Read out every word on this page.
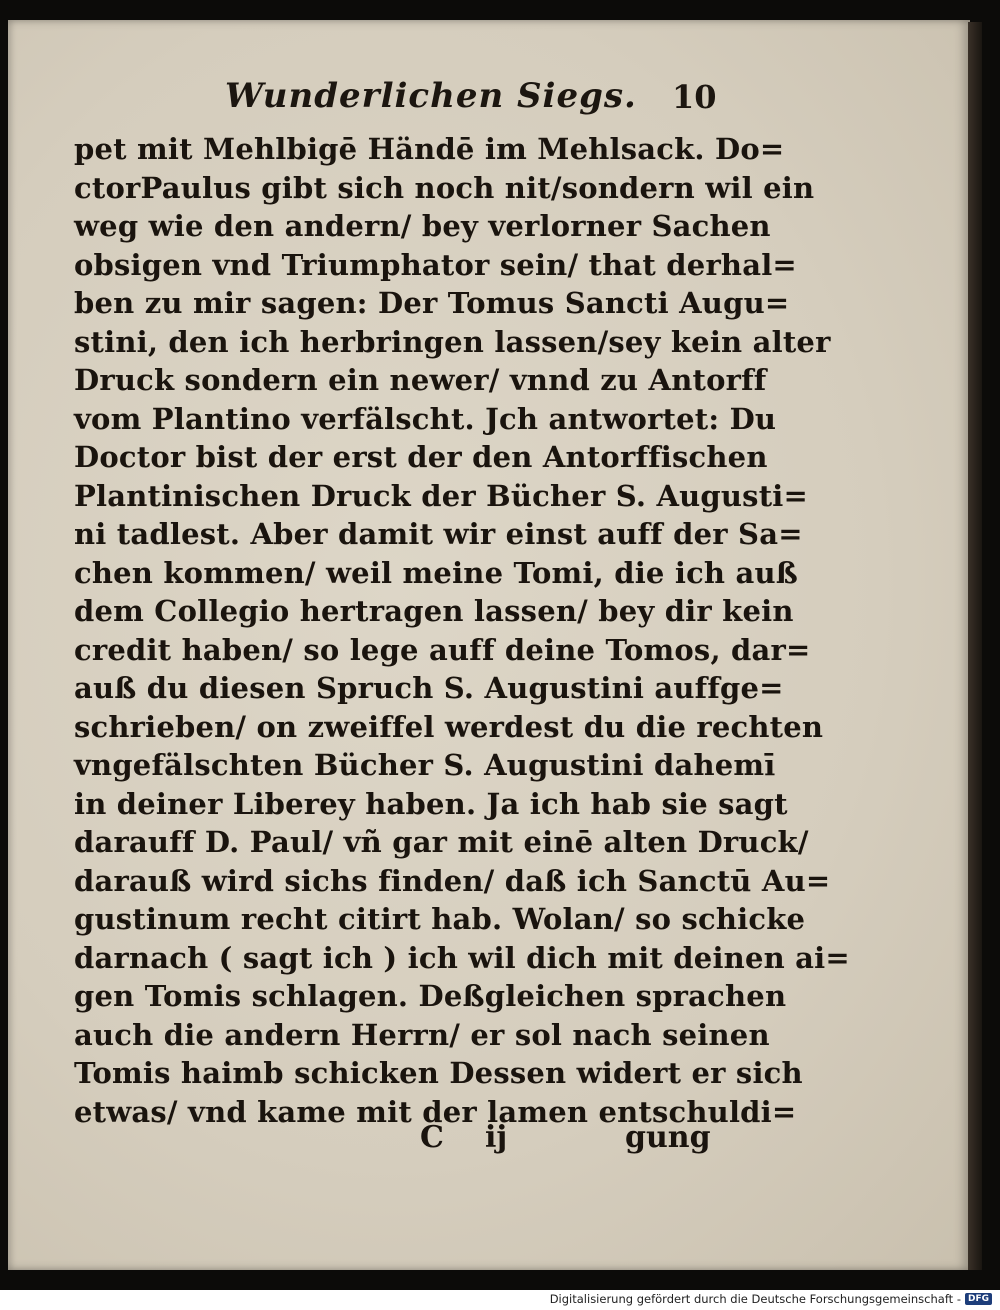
Wunderlichen Siegs. 10
pet mit Mehlbigē Händē im Mehlsack. Do=
ctorPaulus gibt sich noch nit/sondern wil ein
weg wie den andern/ bey verlorner Sachen
obsigen vnd Triumphator sein/ that derhal=
ben zu mir sagen: Der Tomus Sancti Augu=
stini, den ich herbringen lassen/sey kein alter
Druck sondern ein newer/ vnnd zu Antorff
vom Plantino verfälscht. Jch antwortet: Du
Doctor bist der erst der den Antorffischen
Plantinischen Druck der Bücher S. Augusti=
ni tadlest. Aber damit wir einst auff der Sa=
chen kommen/ weil meine Tomi, die ich auß
dem Collegio hertragen lassen/ bey dir kein
credit haben/ so lege auff deine Tomos, dar=
auß du diesen Spruch S. Augustini auffge=
schrieben/ on zweiffel werdest du die rechten
vngefälschten Bücher S. Augustini dahemī
in deiner Liberey haben. Ja ich hab sie sagt
darauff D. Paul/ vñ gar mit einē alten Druck/
darauß wird sichs finden/ daß ich Sanctū Au=
gustinum recht citirt hab. Wolan/ so schicke
darnach ( sagt ich ) ich wil dich mit deinen ai=
gen Tomis schlagen. Deßgleichen sprachen
auch die andern Herrn/ er sol nach seinen
Tomis haimb schicken Dessen widert er sich
etwas/ vnd kame mit der lamen entschuldi=
C ij	gung
Digitalisierung gefördert durch die Deutsche Forschungsgemeinschaft - DFG
